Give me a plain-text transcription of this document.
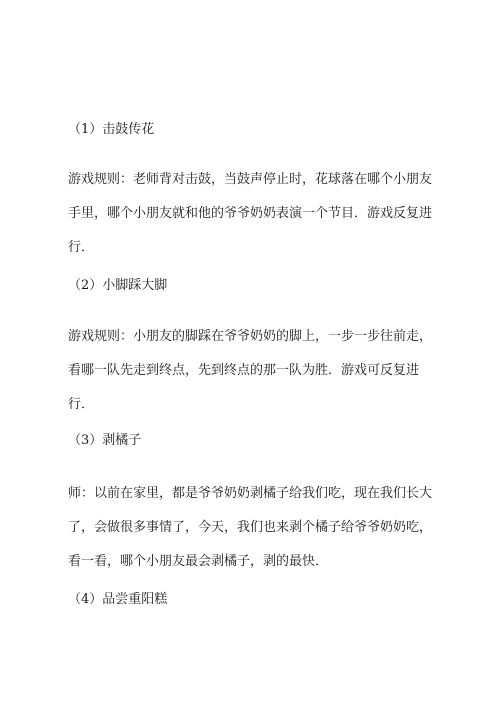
（1）击鼓传花
游戏规则：老师背对击鼓，当鼓声停止时，花球落在哪个小朋友
手里，哪个小朋友就和他的爷爷奶奶表演一个节目．游戏反复进
行．
（2）小脚踩大脚
游戏规则：小朋友的脚踩在爷爷奶奶的脚上，一步一步往前走，
看哪一队先走到终点，先到终点的那一队为胜．游戏可反复进
行．
（3）剥橘子
师：以前在家里，都是爷爷奶奶剥橘子给我们吃，现在我们长大
了，会做很多事情了，今天，我们也来剥个橘子给爷爷奶奶吃，
看一看，哪个小朋友最会剥橘子，剥的最快．
（4）品尝重阳糕
